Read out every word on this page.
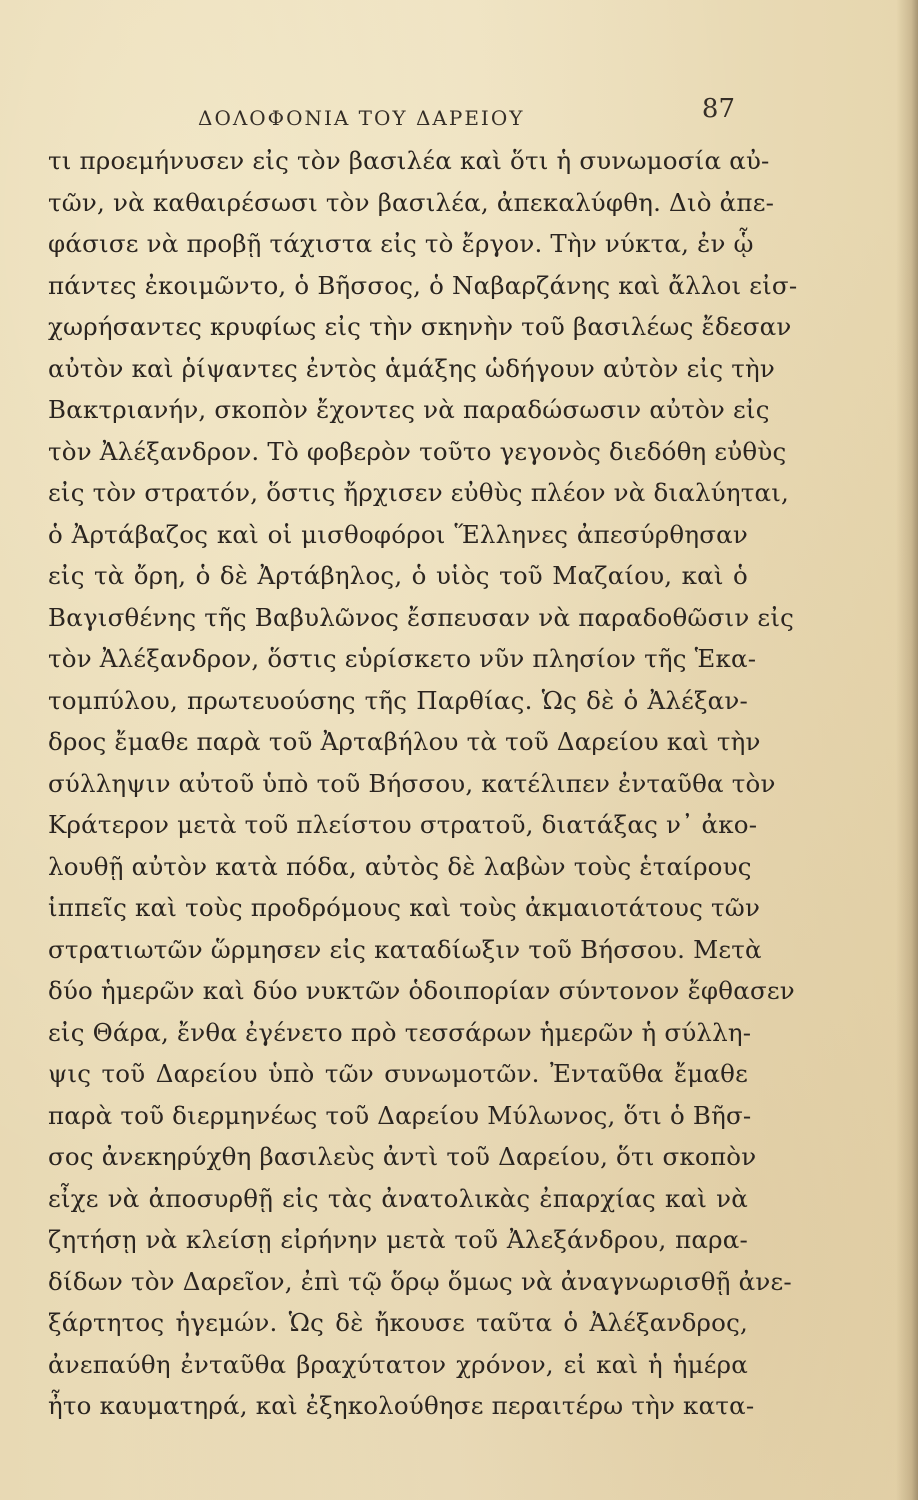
ΔΟΛΟΦΟΝΙΑ ΤΟΥ ΔΑΡΕΙΟΥ	87
τι προεμήνυσεν εἰς τὸν βασιλέα καὶ ὅτι ἡ συνωμοσία αὐ-
τῶν, νὰ καθαιρέσωσι τὸν βασιλέα, ἀπεκαλύφθη. Διὸ ἀπε-
φάσισε νὰ προβῇ τάχιστα εἰς τὸ ἔργον. Τὴν νύκτα, ἐν ᾧ
πάντες ἐκοιμῶντο, ὁ Βῆσσος, ὁ Ναβαρζάνης καὶ ἄλλοι εἰσ-
χωρήσαντες κρυφίως εἰς τὴν σκηνὴν τοῦ βασιλέως ἔδεσαν
αὐτὸν καὶ ῥίψαντες ἐντὸς ἁμάξης ὡδήγουν αὐτὸν εἰς τὴν
Βακτριανήν, σκοπὸν ἔχοντες νὰ παραδώσωσιν αὐτὸν εἰς
τὸν Ἀλέξανδρον. Τὸ φοβερὸν τοῦτο γεγονὸς διεδόθη εὐθὺς
εἰς τὸν στρατόν, ὅστις ἤρχισεν εὐθὺς πλέον νὰ διαλύηται,
ὁ Ἀρτάβαζος καὶ οἱ μισθοφόροι Ἕλληνες ἀπεσύρθησαν
εἰς τὰ ὄρη, ὁ δὲ Ἀρτάβηλος, ὁ υἱὸς τοῦ Μαζαίου, καὶ ὁ
Βαγισθένης τῆς Βαβυλῶνος ἔσπευσαν νὰ παραδοθῶσιν εἰς
τὸν Ἀλέξανδρον, ὅστις εὑρίσκετο νῦν πλησίον τῆς Ἑκα-
τομπύλου, πρωτευούσης τῆς Παρθίας. Ὡς δὲ ὁ Ἀλέξαν-
δρος ἔμαθε παρὰ τοῦ Ἀρταβήλου τὰ τοῦ Δαρείου καὶ τὴν
σύλληψιν αὐτοῦ ὑπὸ τοῦ Βήσσου, κατέλιπεν ἐνταῦθα τὸν
Κράτερον μετὰ τοῦ πλείστου στρατοῦ, διατάξας ν᾽ ἀκο-
λουθῇ αὐτὸν κατὰ πόδα, αὐτὸς δὲ λαβὼν τοὺς ἑταίρους
ἱππεῖς καὶ τοὺς προδρόμους καὶ τοὺς ἀκμαιοτάτους τῶν
στρατιωτῶν ὥρμησεν εἰς καταδίωξιν τοῦ Βήσσου. Μετὰ
δύο ἡμερῶν καὶ δύο νυκτῶν ὁδοιπορίαν σύντονον ἔφθασεν
εἰς Θάρα, ἔνθα ἐγένετο πρὸ τεσσάρων ἡμερῶν ἡ σύλλη-
ψις τοῦ Δαρείου ὑπὸ τῶν συνωμοτῶν. Ἐνταῦθα ἔμαθε
παρὰ τοῦ διερμηνέως τοῦ Δαρείου Μύλωνος, ὅτι ὁ Βῆσ-
σος ἀνεκηρύχθη βασιλεὺς ἀντὶ τοῦ Δαρείου, ὅτι σκοπὸν
εἶχε νὰ ἀποσυρθῇ εἰς τὰς ἀνατολικὰς ἐπαρχίας καὶ νὰ
ζητήσῃ νὰ κλείσῃ εἰρήνην μετὰ τοῦ Ἀλεξάνδρου, παρα-
δίδων τὸν Δαρεῖον, ἐπὶ τῷ ὅρῳ ὅμως νὰ ἀναγνωρισθῇ ἀνε-
ξάρτητος ἡγεμών. Ὡς δὲ ἤκουσε ταῦτα ὁ Ἀλέξανδρος,
ἀνεπαύθη ἐνταῦθα βραχύτατον χρόνον, εἰ καὶ ἡ ἡμέρα
ἦτο καυματηρά, καὶ ἐξηκολούθησε περαιτέρω τὴν κατα-
